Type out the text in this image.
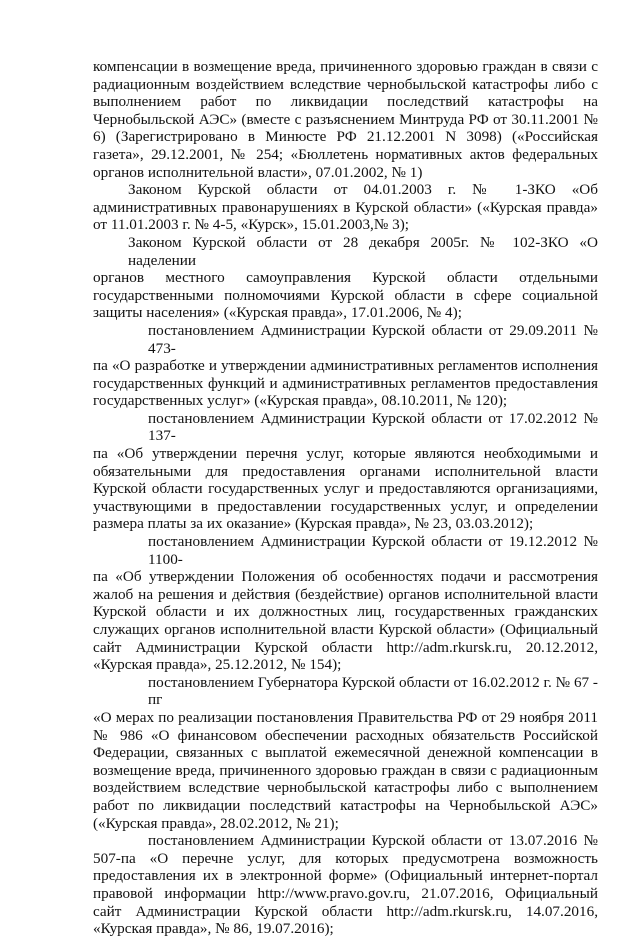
компенсации в возмещение вреда, причиненного здоровью граждан в связи с
радиационным воздействием вследствие чернобыльской катастрофы либо с
выполнением работ по ликвидации последствий катастрофы на
Чернобыльской АЭС» (вместе с разъяснением Минтруда РФ от 30.11.2001 №
6) (Зарегистрировано в Минюсте РФ 21.12.2001 N 3098) («Российская
газета», 29.12.2001, № 254; «Бюллетень нормативных актов федеральных
органов исполнительной власти», 07.01.2002, № 1)
Законом Курской области от 04.01.2003 г. № 1-ЗКО «Об
административных правонарушениях в Курской области» («Курская правда»
от 11.01.2003 г. № 4-5, «Курск», 15.01.2003,№ 3);
Законом Курской области от 28 декабря 2005г. № 102-ЗКО «О наделении
органов местного самоуправления Курской области отдельными
государственными полномочиями Курской области в сфере социальной
защиты населения» («Курская правда», 17.01.2006, № 4);
постановлением Администрации Курской области от 29.09.2011 № 473-
па «О разработке и утверждении административных регламентов исполнения
государственных функций и административных регламентов предоставления
государственных услуг» («Курская правда», 08.10.2011, № 120);
постановлением Администрации Курской области от 17.02.2012 № 137-
па «Об утверждении перечня услуг, которые являются необходимыми и
обязательными для предоставления органами исполнительной власти
Курской области государственных услуг и предоставляются организациями,
участвующими в предоставлении государственных услуг, и определении
размера платы за их оказание» (Курская правда», № 23, 03.03.2012);
постановлением Администрации Курской области от 19.12.2012 № 1100-
па «Об утверждении Положения об особенностях подачи и рассмотрения
жалоб на решения и действия (бездействие) органов исполнительной власти
Курской области и их должностных лиц, государственных гражданских
служащих органов исполнительной власти Курской области» (Официальный
сайт Администрации Курской области http://adm.rkursk.ru, 20.12.2012,
«Курская правда», 25.12.2012, № 154);
постановлением Губернатора Курской области от 16.02.2012 г. № 67 - пг
«О мерах по реализации постановления Правительства РФ от 29 ноября 2011
№ 986 «О финансовом обеспечении расходных обязательств Российской
Федерации, связанных с выплатой ежемесячной денежной компенсации в
возмещение вреда, причиненного здоровью граждан в связи с радиационным
воздействием вследствие чернобыльской катастрофы либо с выполнением
работ по ликвидации последствий катастрофы на Чернобыльской АЭС»
(«Курская правда», 28.02.2012, № 21);
постановлением Администрации Курской области от 13.07.2016 №
507-па «О перечне услуг, для которых предусмотрена возможность
предоставления их в электронной форме» (Официальный интернет-портал
правовой информации http://www.pravo.gov.ru, 21.07.2016, Официальный
сайт Администрации Курской области http://adm.rkursk.ru, 14.07.2016,
«Курская правда», № 86, 19.07.2016);
